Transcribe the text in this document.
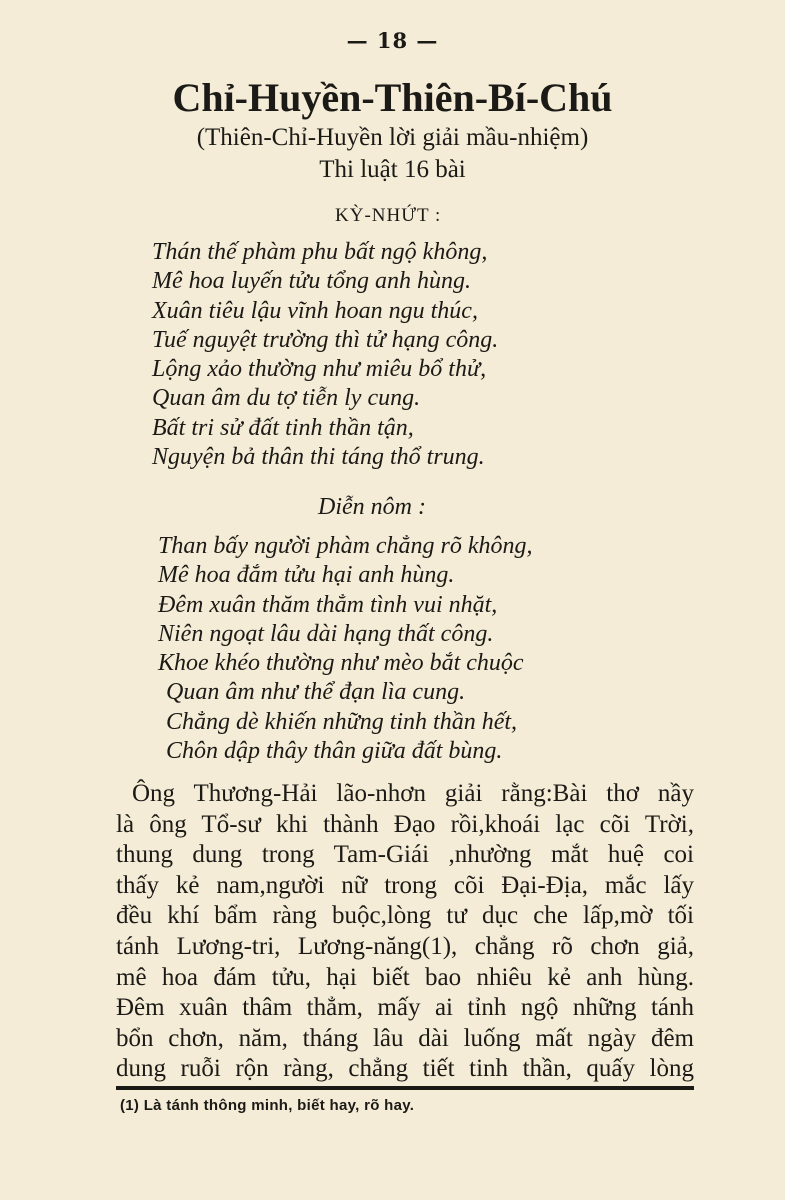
— 18 —
Chỉ-Huyền-Thiên-Bí-Chú
(Thiên-Chỉ-Huyền lời giải mầu-nhiệm)
Thi luật 16 bài
KỲ-NHỨT :
Thán thế phàm phu bất ngộ không,
Mê hoa luyến tửu tổng anh hùng.
Xuân tiêu lậu vĩnh hoan ngu thúc,
Tuế nguyệt trường thì tử hạng công.
Lộng xảo thường như miêu bổ thử,
Quan âm du tợ tiễn ly cung.
Bất tri sử đất tinh thần tận,
Nguyện bả thân thi táng thổ trung.
Diễn nôm :
Than bấy người phàm chẳng rõ không,
Mê hoa đắm tửu hại anh hùng.
Đêm xuân thăm thẳm tình vui nhặt,
Niên ngoạt lâu dài hạng thất công.
Khoe khéo thường như mèo bắt chuộc
Quan âm như thể đạn lìa cung.
Chẳng dè khiến những tinh thần hết,
Chôn dập thây thân giữa đất bùng.
Ông Thương-Hải lão-nhơn giải rằng:Bài thơ nầy
là ông Tổ-sư khi thành Đạo rồi,khoái lạc cõi Trời,
thung dung trong Tam-Giái ,nhường mắt huệ coi
thấy kẻ nam,người nữ trong cõi Đại-Địa, mắc lấy
đều khí bẩm ràng buộc,lòng tư dục che lấp,mờ tối
tánh Lương-tri, Lương-năng(1), chẳng rõ chơn giả,
mê hoa đám tửu, hại biết bao nhiêu kẻ anh hùng.
Đêm xuân thâm thẳm, mấy ai tỉnh ngộ những tánh
bổn chơn, năm, tháng lâu dài luống mất ngày đêm
dung ruỗi rộn ràng, chẳng tiết tinh thần, quấy lòng
(1) Là tánh thông minh, biết hay, rõ hay.
